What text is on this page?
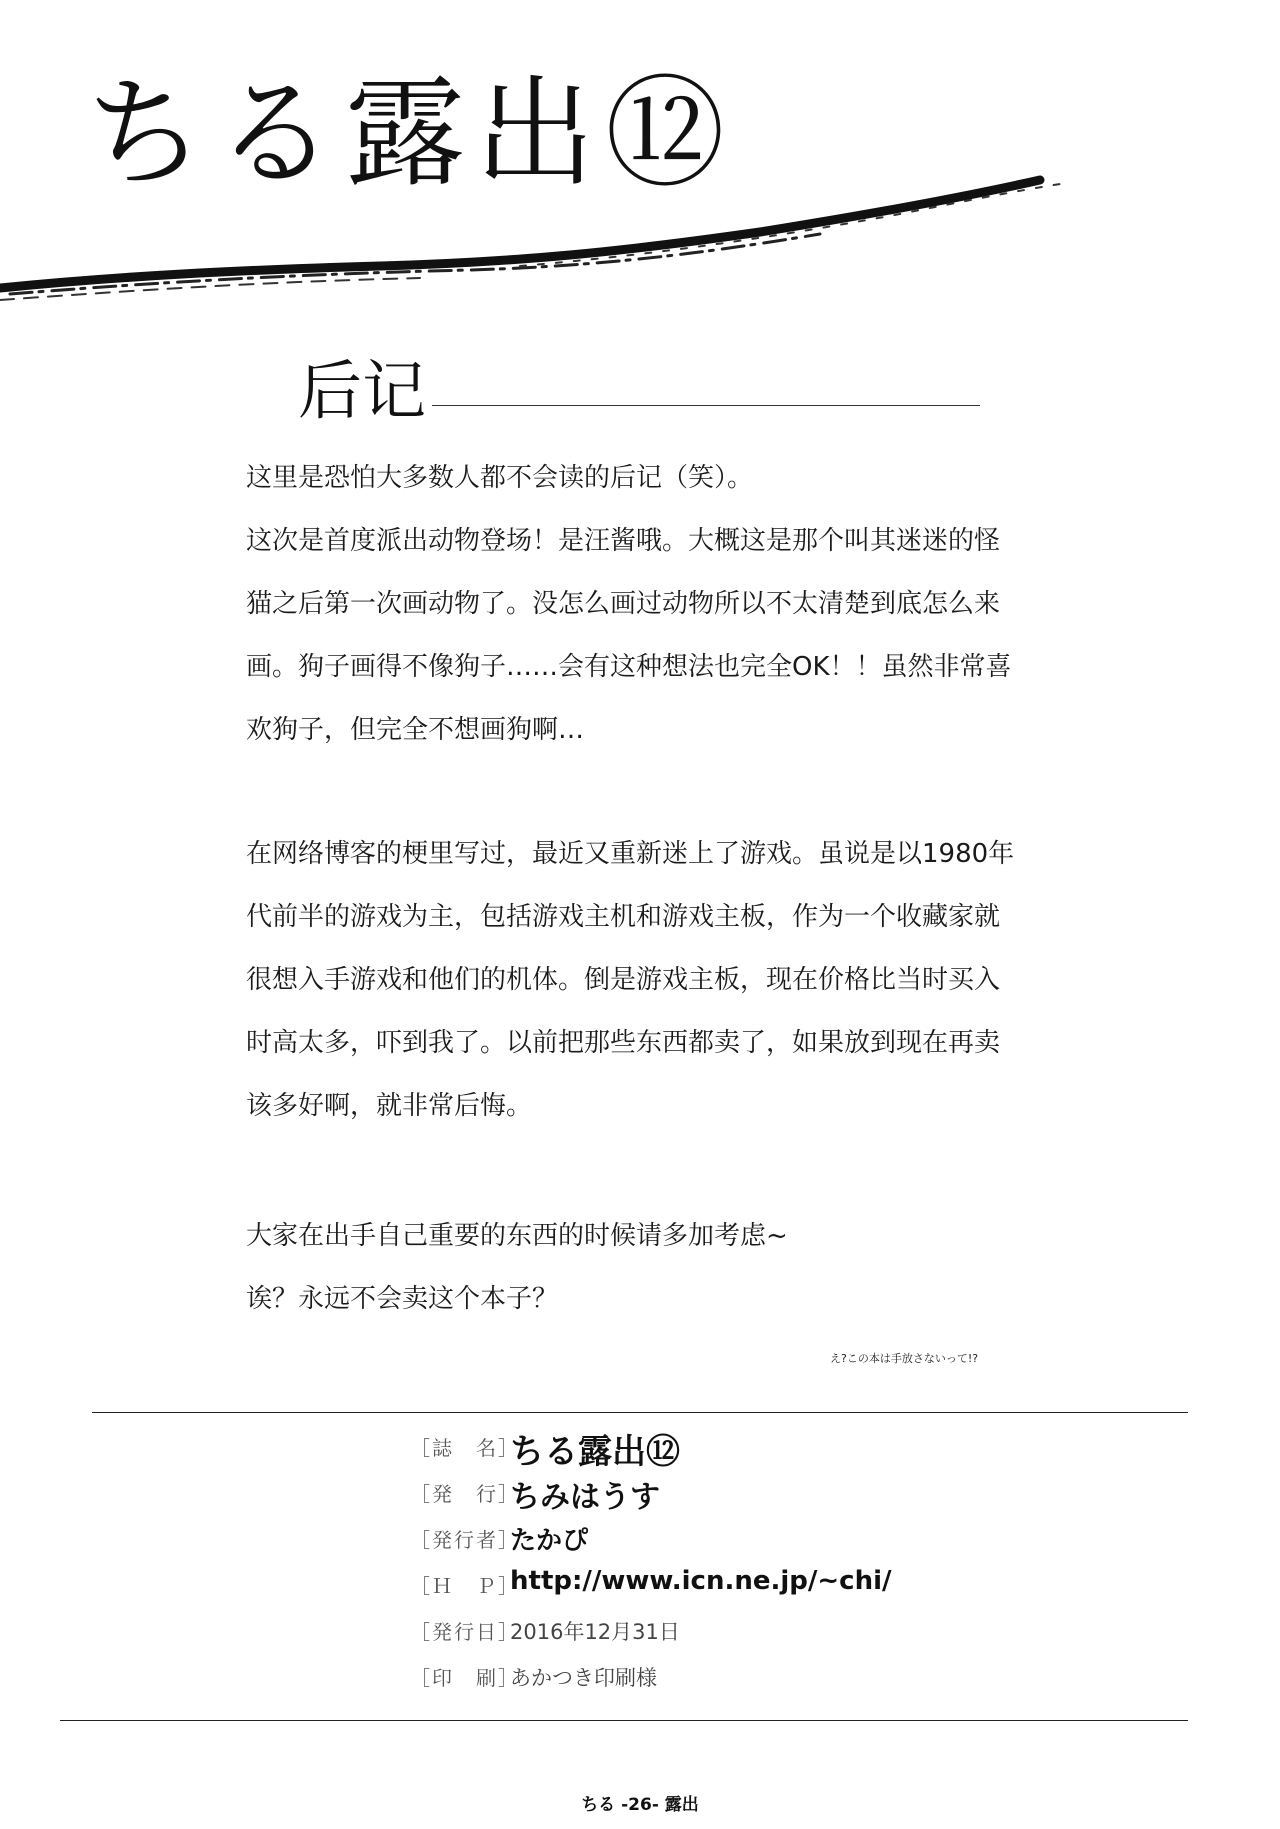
ちる露出⑫
后记
这里是恐怕大多数人都不会读的后记（笑）。
这次是首度派出动物登场！是汪酱哦。大概这是那个叫其迷迷的怪
猫之后第一次画动物了。没怎么画过动物所以不太清楚到底怎么来
画。狗子画得不像狗子……会有这种想法也完全OK！！虽然非常喜
欢狗子，但完全不想画狗啊…
在网络博客的梗里写过，最近又重新迷上了游戏。虽说是以1980年
代前半的游戏为主，包括游戏主机和游戏主板，作为一个收藏家就
很想入手游戏和他们的机体。倒是游戏主板，现在价格比当时买入
时高太多，吓到我了。以前把那些东西都卖了，如果放到现在再卖
该多好啊，就非常后悔。
大家在出手自己重要的东西的时候请多加考虑~
诶？永远不会卖这个本子？
え?この本は手放さないって!?
［誌　名］
ちる露出⑫
［発　行］
ちみはうす
［発行者］
たかぴ
［Ｈ　Ｐ］
http://www.icn.ne.jp/~chi/
［発行日］
2016年12月31日
［印　刷］
あかつき印刷様
ちる -26- 露出
